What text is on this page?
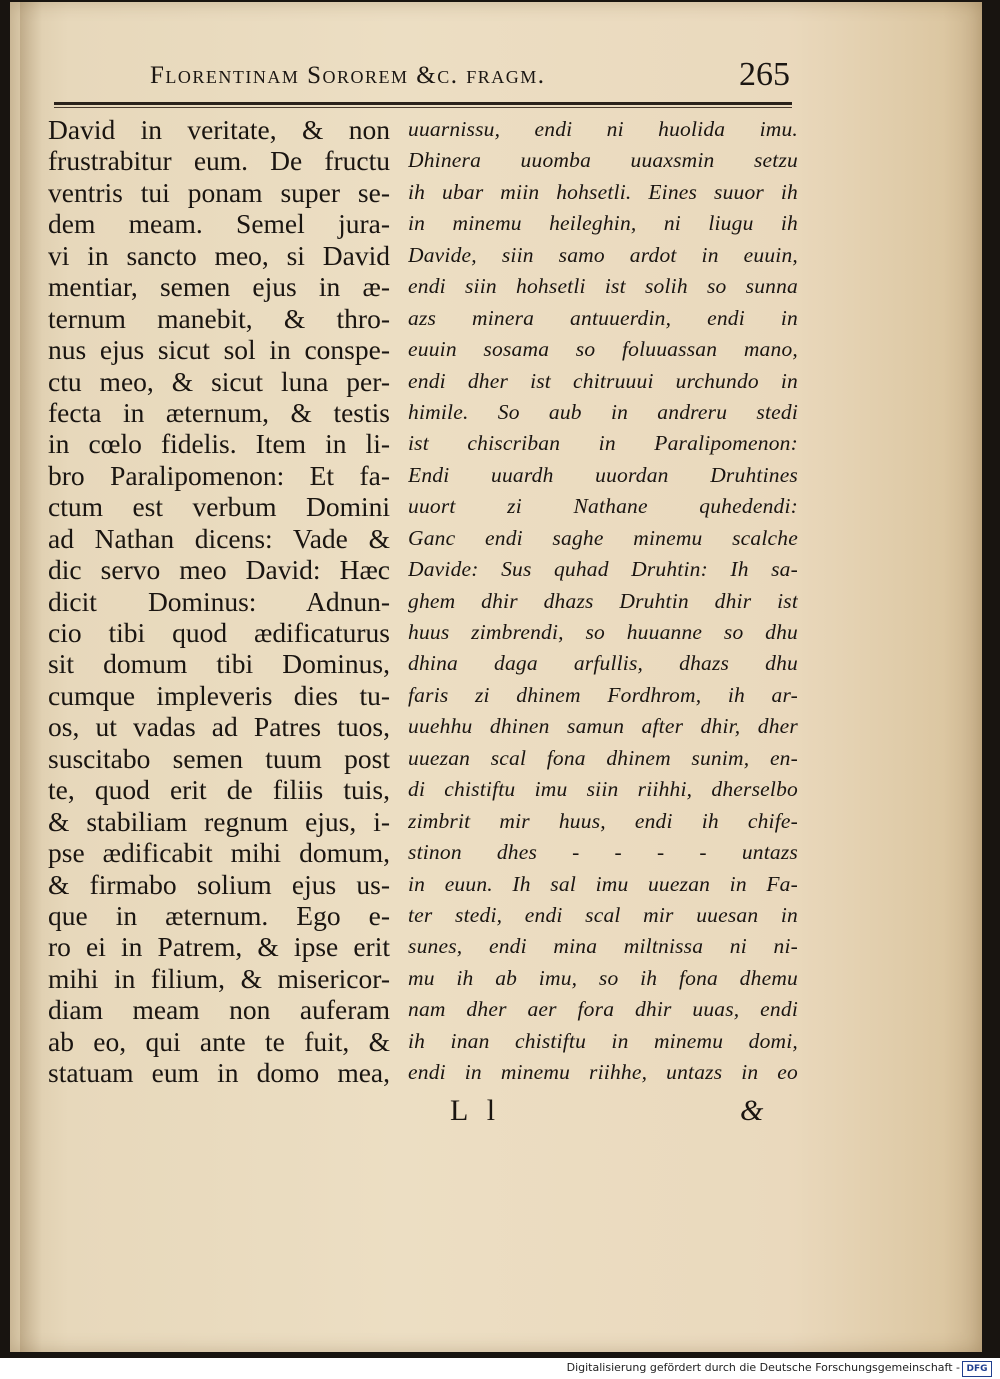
Florentinam Sororem &c. fragm.	265
David in veritate, & non
frustrabitur eum. De fructu
ventris tui ponam super se-
dem meam. Semel jura-
vi in sancto meo, si David
mentiar, semen ejus in æ-
ternum manebit, & thro-
nus ejus sicut sol in conspe-
ctu meo, & sicut luna per-
fecta in æternum, & testis
in cœlo fidelis. Item in li-
bro Paralipomenon: Et fa-
ctum est verbum Domini
ad Nathan dicens: Vade &
dic servo meo David: Hæc
dicit Dominus: Adnun-
cio tibi quod ædificaturus
sit domum tibi Dominus,
cumque impleveris dies tu-
os, ut vadas ad Patres tuos,
suscitabo semen tuum post
te, quod erit de filiis tuis,
& stabiliam regnum ejus, i-
pse ædificabit mihi domum,
& firmabo solium ejus us-
que in æternum. Ego e-
ro ei in Patrem, & ipse erit
mihi in filium, & misericor-
diam meam non auferam
ab eo, qui ante te fuit, &
statuam eum in domo mea,
uuarnissu, endi ni huolida imu.
Dhinera uuomba uuaxsmin setzu
ih ubar miin hohsetli. Eines suuor ih
in minemu heileghin, ni liugu ih
Davide, siin samo ardot in euuin,
endi siin hohsetli ist solih so sunna
azs minera antuuerdin, endi in
euuin sosama so foluuassan mano,
endi dher ist chitruuui urchundo in
himile. So aub in andreru stedi
ist chiscriban in Paralipomenon:
Endi uuardh uuordan Druhtines
uuort zi Nathane quhedendi:
Ganc endi saghe minemu scalche
Davide: Sus quhad Druhtin: Ih sa-
ghem dhir dhazs Druhtin dhir ist
huus zimbrendi, so huuanne so dhu
dhina daga arfullis, dhazs dhu
faris zi dhinem Fordhrom, ih ar-
uuehhu dhinen samun after dhir, dher
uuezan scal fona dhinem sunim, en-
di chistiftu imu siin riihhi, dherselbo
zimbrit mir huus, endi ih chife-
stinon dhes - - - - untazs
in euun. Ih sal imu uuezan in Fa-
ter stedi, endi scal mir uuesan in
sunes, endi mina miltnissa ni ni-
mu ih ab imu, so ih fona dhemu
nam dher aer fora dhir uuas, endi
ih inan chistiftu in minemu domi,
endi in minemu riihhe, untazs in eo
L l	&
Digitalisierung gefördert durch die Deutsche Forschungsgemeinschaft - DFG
